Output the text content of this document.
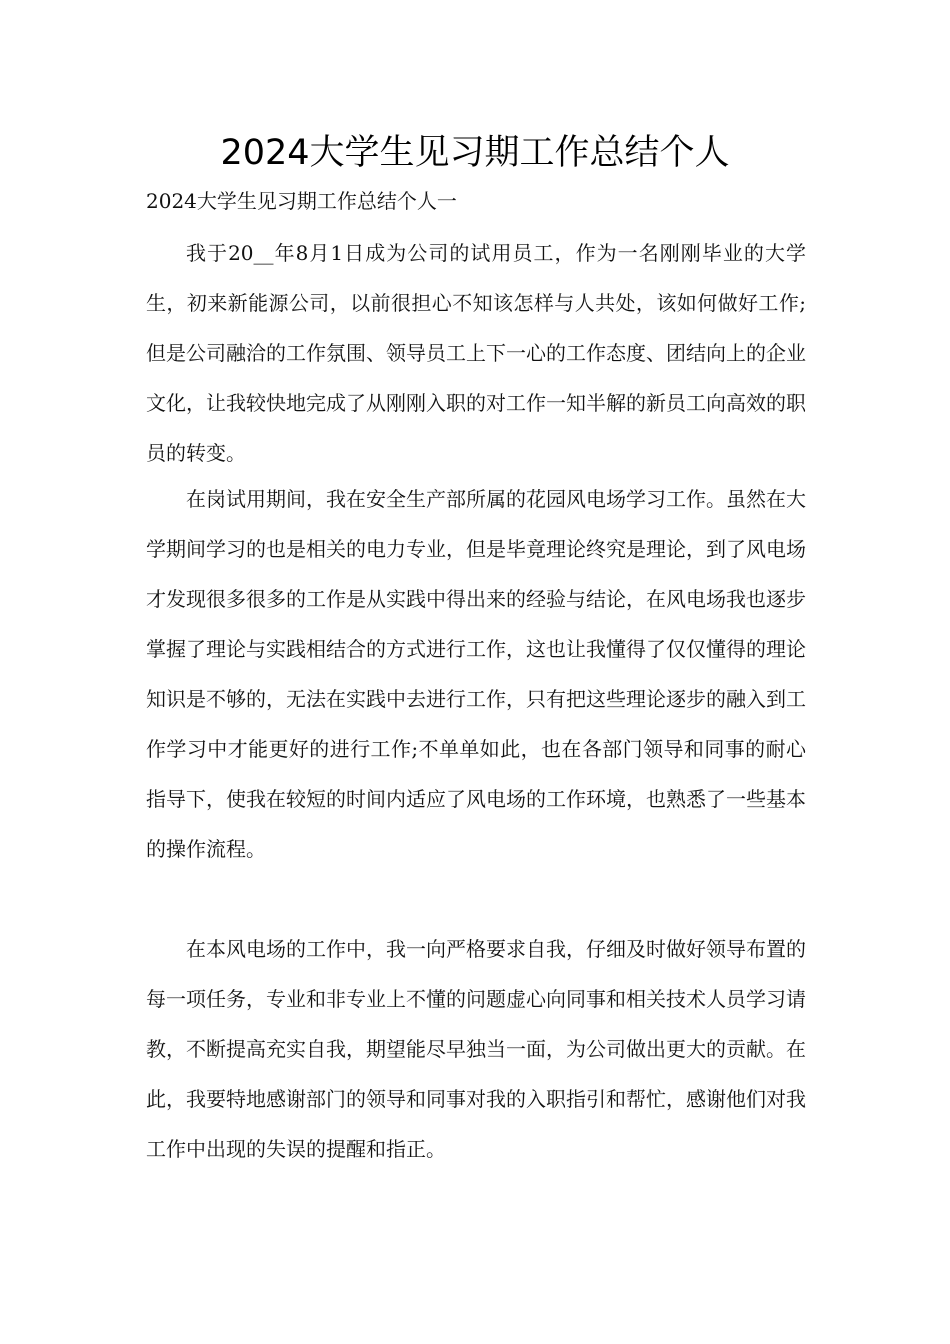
2024大学生见习期工作总结个人

2024大学生见习期工作总结个人一

我于20__年8月1日成为公司的试用员工，作为一名刚刚毕业的大学生，初来新能源公司，以前很担心不知该怎样与人共处，该如何做好工作;但是公司融洽的工作氛围、领导员工上下一心的工作态度、团结向上的企业文化，让我较快地完成了从刚刚入职的对工作一知半解的新员工向高效的职员的转变。

在岗试用期间，我在安全生产部所属的花园风电场学习工作。虽然在大学期间学习的也是相关的电力专业，但是毕竟理论终究是理论，到了风电场才发现很多很多的工作是从实践中得出来的经验与结论，在风电场我也逐步掌握了理论与实践相结合的方式进行工作，这也让我懂得了仅仅懂得的理论知识是不够的，无法在实践中去进行工作，只有把这些理论逐步的融入到工作学习中才能更好的进行工作;不单单如此，也在各部门领导和同事的耐心指导下，使我在较短的时间内适应了风电场的工作环境，也熟悉了一些基本的操作流程。

在本风电场的工作中，我一向严格要求自我，仔细及时做好领导布置的每一项任务，专业和非专业上不懂的问题虚心向同事和相关技术人员学习请教，不断提高充实自我，期望能尽早独当一面，为公司做出更大的贡献。在此，我要特地感谢部门的领导和同事对我的入职指引和帮忙，感谢他们对我工作中出现的失误的提醒和指正。
